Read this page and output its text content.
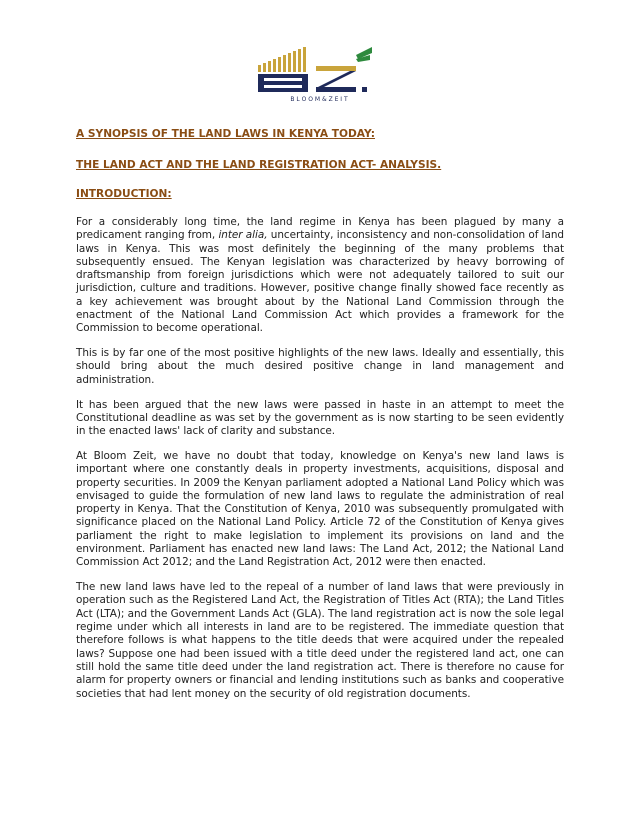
B L O O M & Z E I T

A SYNOPSIS OF THE LAND LAWS IN KENYA TODAY:

THE LAND ACT AND THE LAND REGISTRATION ACT- ANALYSIS.

INTRODUCTION:

For a considerably long time, the land regime in Kenya has been plagued by many a predicament ranging from, inter alia, uncertainty, inconsistency and non-consolidation of land laws in Kenya. This was most definitely the beginning of the many problems that subsequently ensued. The Kenyan legislation was characterized by heavy borrowing of draftsmanship from foreign jurisdictions which were not adequately tailored to suit our jurisdiction, culture and traditions. However, positive change finally showed face recently as a key achievement was brought about by the National Land Commission through the enactment of the National Land Commission Act which provides a framework for the Commission to become operational.

This is by far one of the most positive highlights of the new laws. Ideally and essentially, this should bring about the much desired positive change in land management and administration.

It has been argued that the new laws were passed in haste in an attempt to meet the Constitutional deadline as was set by the government as is now starting to be seen evidently in the enacted laws' lack of clarity and substance.

At Bloom Zeit, we have no doubt that today, knowledge on Kenya's new land laws is important where one constantly deals in property investments, acquisitions, disposal and property securities. In 2009 the Kenyan parliament adopted a National Land Policy which was envisaged to guide the formulation of new land laws to regulate the administration of real property in Kenya. That the Constitution of Kenya, 2010 was subsequently promulgated with significance placed on the National Land Policy. Article 72 of the Constitution of Kenya gives parliament the right to make legislation to implement its provisions on land and the environment. Parliament has enacted new land laws: The Land Act, 2012; the National Land Commission Act 2012; and the Land Registration Act, 2012 were then enacted.

The new land laws have led to the repeal of a number of land laws that were previously in operation such as the Registered Land Act, the Registration of Titles Act (RTA); the Land Titles Act (LTA); and the Government Lands Act (GLA). The land registration act is now the sole legal regime under which all interests in land are to be registered. The immediate question that therefore follows is what happens to the title deeds that were acquired under the repealed laws? Suppose one had been issued with a title deed under the registered land act, one can still hold the same title deed under the land registration act. There is therefore no cause for alarm for property owners or financial and lending institutions such as banks and cooperative societies that had lent money on the security of old registration documents.
